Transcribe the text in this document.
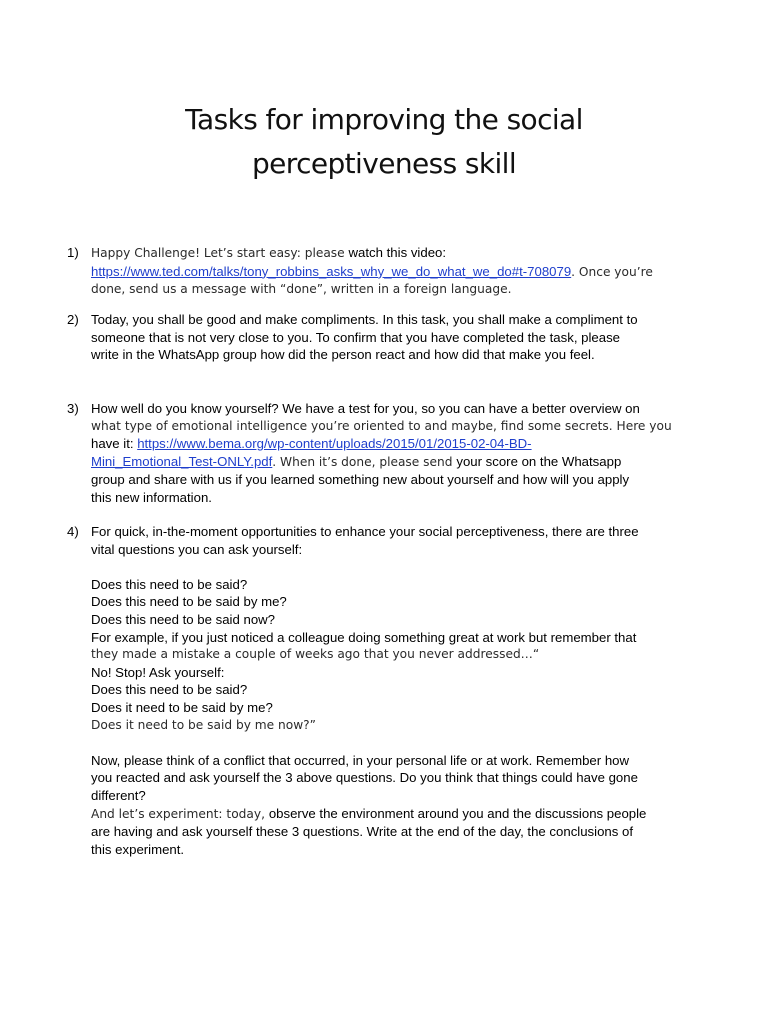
Tasks for improving the social
perceptiveness skill
1)	Happy Challenge! Let’s start easy: please watch this video:
https://www.ted.com/talks/tony_robbins_asks_why_we_do_what_we_do#t-708079. Once you’re
done, send us a message with “done”, written in a foreign language.
2) Today, you shall be good and make compliments. In this task, you shall make a compliment to
someone that is not very close to you. To confirm that you have completed the task, please
write in the WhatsApp group how did the person react and how did that make you feel.
3) How well do you know yourself? We have a test for you, so you can have a better overview on
what type of emotional intelligence you’re oriented to and maybe, find some secrets. Here you
have it: https://www.bema.org/wp-content/uploads/2015/01/2015-02-04-BD-
Mini_Emotional_Test-ONLY.pdf. When it’s done, please send your score on the Whatsapp
group and share with us if you learned something new about yourself and how will you apply
this new information.
4) For quick, in-the-moment opportunities to enhance your social perceptiveness, there are three
vital questions you can ask yourself:
Does this need to be said?
Does this need to be said by me?
Does this need to be said now?
For example, if you just noticed a colleague doing something great at work but remember that
they made a mistake a couple of weeks ago that you never addressed…“
No! Stop! Ask yourself:
Does this need to be said?
Does it need to be said by me?
Does it need to be said by me now?”
Now, please think of a conflict that occurred, in your personal life or at work. Remember how
you reacted and ask yourself the 3 above questions. Do you think that things could have gone
different?
And let’s experiment: today, observe the environment around you and the discussions people
are having and ask yourself these 3 questions. Write at the end of the day, the conclusions of
this experiment.
